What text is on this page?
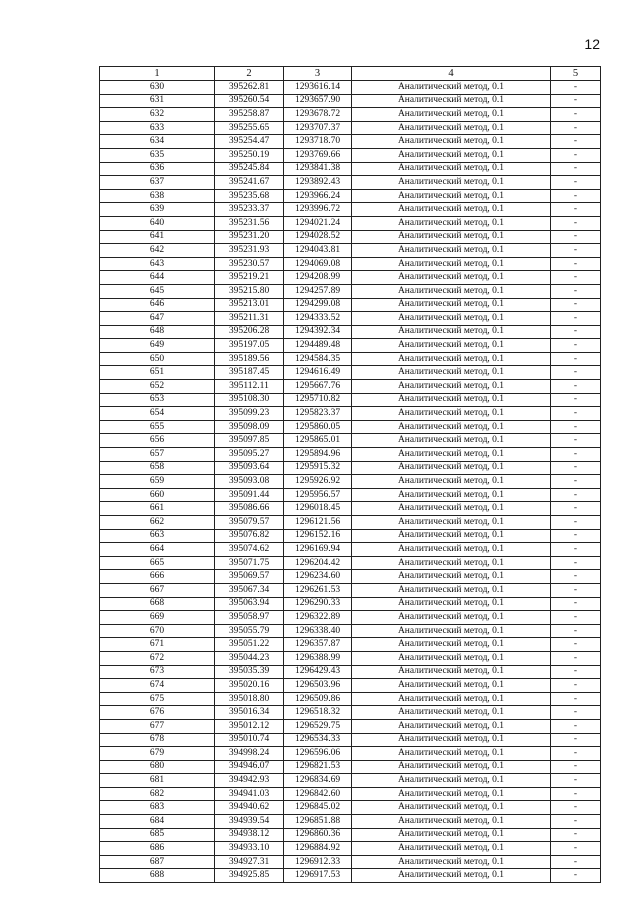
12
1	2	3	4	5
630	395262.81	1293616.14	Аналитический метод, 0.1	-
631	395260.54	1293657.90	Аналитический метод, 0.1	-
632	395258.87	1293678.72	Аналитический метод, 0.1	-
633	395255.65	1293707.37	Аналитический метод, 0.1	-
634	395254.47	1293718.70	Аналитический метод, 0.1	-
635	395250.19	1293769.66	Аналитический метод, 0.1	-
636	395245.84	1293841.38	Аналитический метод, 0.1	-
637	395241.67	1293892.43	Аналитический метод, 0.1	-
638	395235.68	1293966.24	Аналитический метод, 0.1	-
639	395233.37	1293996.72	Аналитический метод, 0.1	-
640	395231.56	1294021.24	Аналитический метод, 0.1	-
641	395231.20	1294028.52	Аналитический метод, 0.1	-
642	395231.93	1294043.81	Аналитический метод, 0.1	-
643	395230.57	1294069.08	Аналитический метод, 0.1	-
644	395219.21	1294208.99	Аналитический метод, 0.1	-
645	395215.80	1294257.89	Аналитический метод, 0.1	-
646	395213.01	1294299.08	Аналитический метод, 0.1	-
647	395211.31	1294333.52	Аналитический метод, 0.1	-
648	395206.28	1294392.34	Аналитический метод, 0.1	-
649	395197.05	1294489.48	Аналитический метод, 0.1	-
650	395189.56	1294584.35	Аналитический метод, 0.1	-
651	395187.45	1294616.49	Аналитический метод, 0.1	-
652	395112.11	1295667.76	Аналитический метод, 0.1	-
653	395108.30	1295710.82	Аналитический метод, 0.1	-
654	395099.23	1295823.37	Аналитический метод, 0.1	-
655	395098.09	1295860.05	Аналитический метод, 0.1	-
656	395097.85	1295865.01	Аналитический метод, 0.1	-
657	395095.27	1295894.96	Аналитический метод, 0.1	-
658	395093.64	1295915.32	Аналитический метод, 0.1	-
659	395093.08	1295926.92	Аналитический метод, 0.1	-
660	395091.44	1295956.57	Аналитический метод, 0.1	-
661	395086.66	1296018.45	Аналитический метод, 0.1	-
662	395079.57	1296121.56	Аналитический метод, 0.1	-
663	395076.82	1296152.16	Аналитический метод, 0.1	-
664	395074.62	1296169.94	Аналитический метод, 0.1	-
665	395071.75	1296204.42	Аналитический метод, 0.1	-
666	395069.57	1296234.60	Аналитический метод, 0.1	-
667	395067.34	1296261.53	Аналитический метод, 0.1	-
668	395063.94	1296290.33	Аналитический метод, 0.1	-
669	395058.97	1296322.89	Аналитический метод, 0.1	-
670	395055.79	1296338.40	Аналитический метод, 0.1	-
671	395051.22	1296357.87	Аналитический метод, 0.1	-
672	395044.23	1296388.99	Аналитический метод, 0.1	-
673	395035.39	1296429.43	Аналитический метод, 0.1	-
674	395020.16	1296503.96	Аналитический метод, 0.1	-
675	395018.80	1296509.86	Аналитический метод, 0.1	-
676	395016.34	1296518.32	Аналитический метод, 0.1	-
677	395012.12	1296529.75	Аналитический метод, 0.1	-
678	395010.74	1296534.33	Аналитический метод, 0.1	-
679	394998.24	1296596.06	Аналитический метод, 0.1	-
680	394946.07	1296821.53	Аналитический метод, 0.1	-
681	394942.93	1296834.69	Аналитический метод, 0.1	-
682	394941.03	1296842.60	Аналитический метод, 0.1	-
683	394940.62	1296845.02	Аналитический метод, 0.1	-
684	394939.54	1296851.88	Аналитический метод, 0.1	-
685	394938.12	1296860.36	Аналитический метод, 0.1	-
686	394933.10	1296884.92	Аналитический метод, 0.1	-
687	394927.31	1296912.33	Аналитический метод, 0.1	-
688	394925.85	1296917.53	Аналитический метод, 0.1	-
